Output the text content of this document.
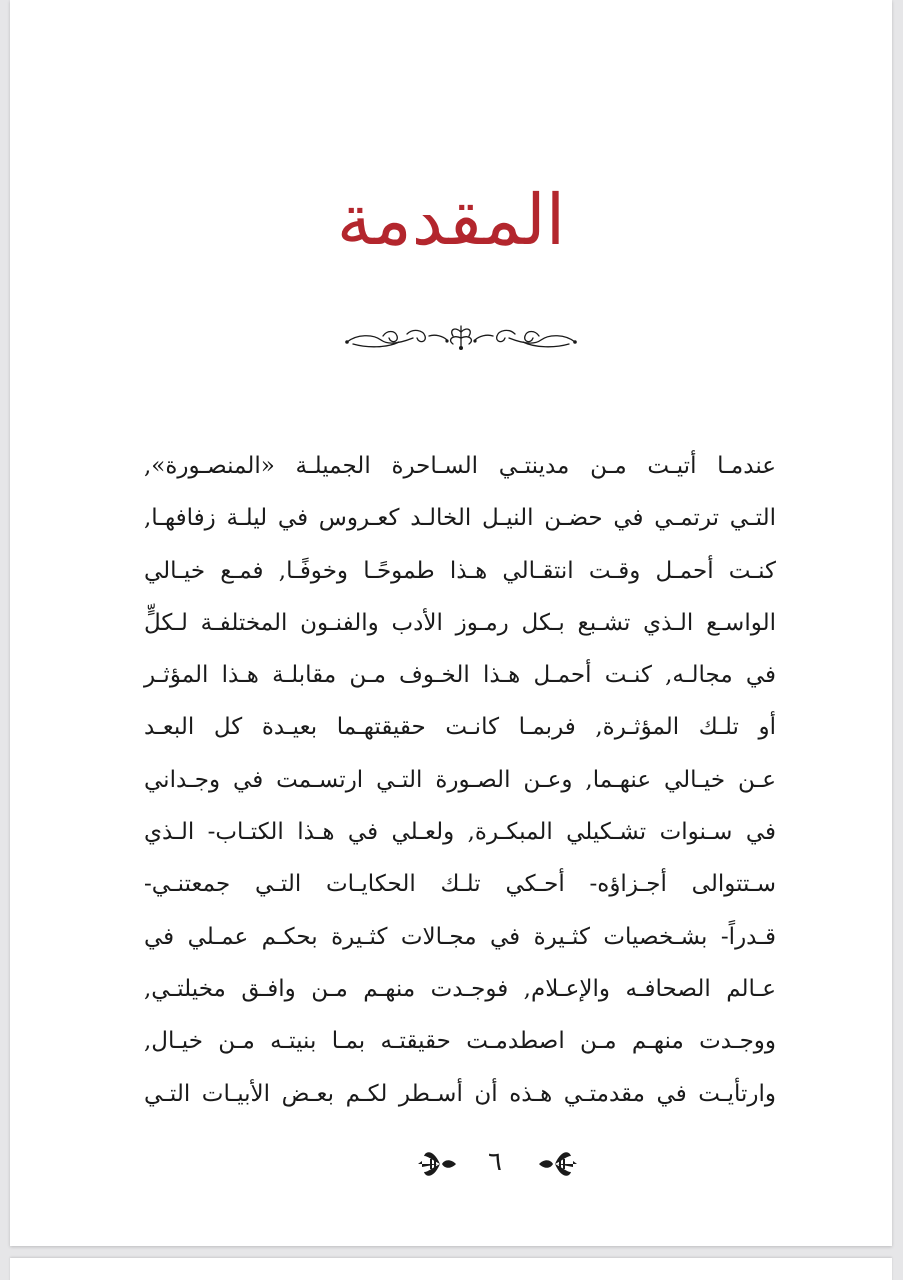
المقدمة
عندمـا أتيـت مـن مدينتـي السـاحرة الجميلـة «المنصـورة»,
التـي ترتمـي في حضـن النيـل الخالـد كعـروس في ليلـة زفافهـا,
كنـت أحمـل وقـت انتقـالي هـذا طموحًـا وخوفًـا, فمـع خيـالي
الواسـع الـذي تشـبع بـكل رمـوز الأدب والفنـون المختلفـة لـكلٍّ
في مجالـه, كنـت أحمـل هـذا الخـوف مـن مقابلـة هـذا المؤثـر
أو تلـك المؤثـرة, فربمـا كانـت حقيقتهـما بعيـدة كل البعـد
عـن خيـالي عنهـما, وعـن الصـورة التـي ارتسـمت في وجـداني
في سـنوات تشـكيلي المبكـرة, ولعـلي في هـذا الكتـاب- الـذي
سـتتوالى أجـزاؤه- أحـكي تلـك الحكايـات التـي جمعتنـي-
قـدراً- بشـخصيات كثـيرة في مجـالات كثـيرة بحكـم عمـلي في
عـالم الصحافـه والإعـلام, فوجـدت منهـم مـن وافـق مخيلتـي,
ووجـدت منهـم مـن اصطدمـت حقيقتـه بمـا بنيتـه مـن خيـال,
وارتأيـت في مقدمتـي هـذه أن أسـطر لكـم بعـض الأبيـات التـي
٦
